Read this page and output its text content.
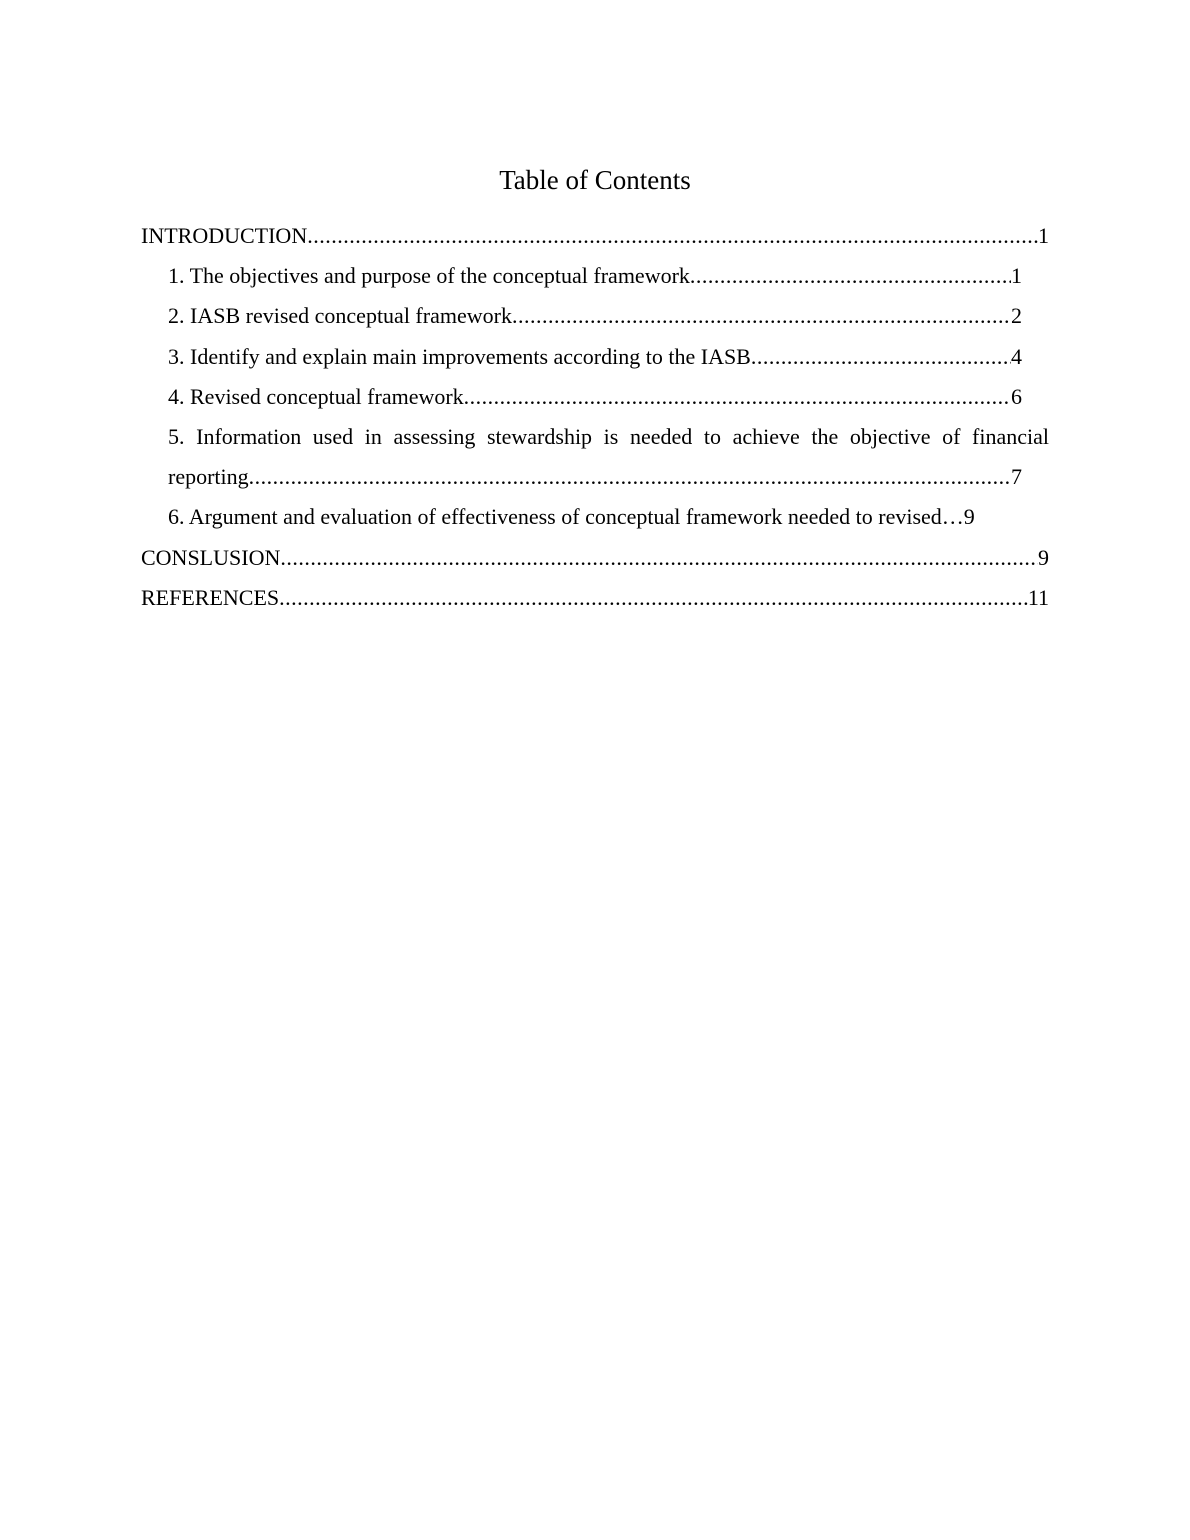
Table of Contents
INTRODUCTION .....	1
1. The objectives and purpose of the conceptual framework .....	1
2. IASB revised conceptual framework .....	2
3. Identify and explain main improvements according to the IASB .....	4
4. Revised conceptual framework .....	6
5. Information used in assessing stewardship is needed to achieve the objective of financial
reporting .....	7
6. Argument and evaluation of effectiveness of conceptual framework needed to revised … 9
CONSLUSION .....	9
REFERENCES .....	11
